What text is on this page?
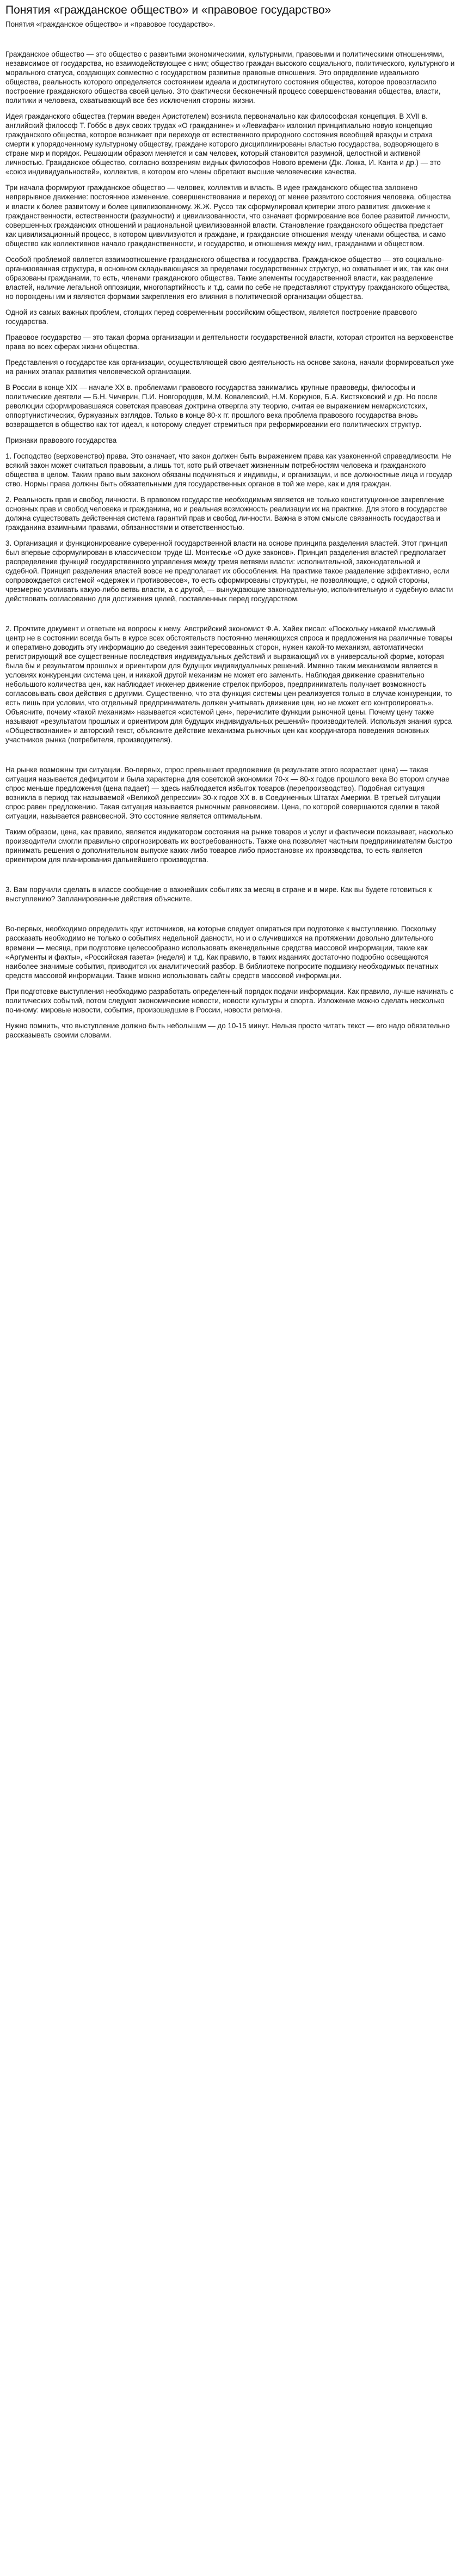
Понятия «гражданское общество» и «правовое государство»

Понятия «гражданское общество» и «правовое государство».

Гражданское общество — это общество с развитыми экономическими, культурными, правовыми и политическими отношениями, независимое от государства, но взаимодействующее с ним; общество граждан высокого социального, политического, культурного и морального статуса, создающих совместно с государством развитые правовые отношения. Это определение идеального общества, реальность которого определяется состоянием идеала и достигнутого состояния общества, которое провозгласило построение гражданского общества своей целью. Это фактически бесконечный процесс совершенствования общества, власти, политики и человека, охватывающий все без исключения стороны жизни.

Идея гражданского общества (термин введен Аристотелем) возникла первоначально как философская концепция. В XVII в. английский философ Т. Гоббс в двух своих трудах «О гражданине» и «Левиафан» изложил принципиально новую концепцию гражданского общества, которое возникает при переходе от естественного природного состояния всеобщей вражды и страха смерти к упорядоченному культурному обществу, граждане которого дисциплинированы властью государства, водворяющего в стране мир и порядок. Решающим образом меняется и сам человек, который становится разумной, целостной и активной личностью. Гражданское общество, согласно воззрениям видных философов Нового времени (Дж. Локка, И. Канта и др.) — это «союз индивидуальностей», коллектив, в котором его члены обретают высшие человеческие качества.

Три начала формируют гражданское общество — человек, коллектив и власть. В идее гражданского общества заложено непрерывное движение: постоянное изменение, совершенствование и переход от менее развитого состояния человека, общества и власти к более развитому и более цивилизованному. Ж.Ж. Руссо так сформулировал критерии этого развития: движение к гражданственности, естественности (разумности) и цивилизованности, что означает формирование все более развитой личности, совершенных гражданских отношений и рациональной цивилизованной власти. Становление гражданского общества предстает как цивилизационный процесс, в котором цивилизуются и граждане, и гражданские отношения между членами общества, и само общество как коллективное начало гражданственности, и государство, и отношения между ним, гражданами и обществом.

Особой проблемой является взаимоотношение гражданского общества и государства. Гражданское общество — это социально-организованная структура, в основном складывающаяся за пределами государственных структур, но охватывает и их, так как они образованы гражданами, то есть, членами гражданского общества. Такие элементы государственной власти, как разделение властей, наличие легальной оппозиции, многопартийность и т.д. сами по себе не представляют структуру гражданского общества, но порождены им и являются формами закрепления его влияния в политической организации общества.

Одной из самых важных проблем, стоящих перед современным российским обществом, является построение правового государства.

Правовое государство — это такая форма организации и деятельности государственной власти, которая строится на верховенстве права во всех сферах жизни общества.

Представления о государстве как организации, осуществляющей свою деятельность на основе закона, начали формироваться уже на ранних этапах развития человеческой организации.

В России в конце XIX — начале XX в. проблемами правового государства занимались крупные правоведы, философы и политические деятели — Б.Н. Чичерин, П.И. Новгородцев, М.М. Ковалевский, Н.М. Коркунов, Б.А. Кистяковский и др. Но после революции сформировавшаяся советская правовая доктрина отвергла эту теорию, считая ее выражением немарксистских, оппортунистических, буржуазных взглядов. Только в конце 80-х гг. прошлого века проблема правового государства вновь возвращается в общество как тот идеал, к которому следует стремиться при реформировании его политических структур.

Признаки правового государства

1. Господство (верховенство) права. Это означает, что закон должен быть выражением права как узаконенной справедливости. Не всякий закон может считаться правовым, а лишь тот, кото рый отвечает жизненным потребностям человека и гражданского общества в целом. Таким право вым законом обязаны подчиняться и индивиды, и организации, и все должностные лица и государ ство. Нормы права должны быть обязательными для государственных органов в той же мере, как и для граждан.

2. Реальность прав и свобод личности. В правовом государстве необходимым является не только конституционное закрепление основных прав и свобод человека и гражданина, но и реальная возможность реализации их на практике. Для этого в государстве должна существовать действенная система гарантий прав и свобод личности. Важна в этом смысле связанность государства и гражданина взаимными правами, обязанностями и ответственностью.

3. Организация и функционирование суверенной государственной власти на основе принципа разделения властей. Этот принцип был впервые сформулирован в классическом труде Ш. Монтескье «О духе законов». Принцип разделения властей предполагает распределение функций государственного управления между тремя ветвями власти: исполнительной, законодательной и судебной. Принцип разделения властей вовсе не предполагает их обособления. На практике такое разделение эффективно, если сопровождается системой «сдержек и противовесов», то есть сформированы структуры, не позволяющие, с одной стороны, чрезмерно усиливать какую-либо ветвь власти, а с другой, — вынуждающие законодательную, исполнительную и судебную власти действовать согласованно для достижения целей, поставленных перед государством.

2. Прочтите документ и ответьте на вопросы к нему. Австрийский экономист Ф.А. Хайек писал: «Поскольку никакой мыслимый центр не в состоянии всегда быть в курсе всех обстоятельств постоянно меняющихся спроса и предложения на различные товары и оперативно доводить эту информацию до сведения заинтересованных сторон, нужен какой-то механизм, автоматически регистрирующий все существенные последствия индивидуальных действий и выражающий их в универсальной форме, которая была бы и результатом прошлых и ориентиром для будущих индивидуальных решений. Именно таким механизмом является в условиях конкуренции система цен, и никакой другой механизм не может его заменить. Наблюдая движение сравнительно небольшого количества цен, как наблюдает инженер движение стрелок приборов, предприниматель получает возможность согласовывать свои действия с другими. Существенно, что эта функция системы цен реализуется только в случае конкуренции, то есть лишь при условии, что отдельный предприниматель должен учитывать движение цен, но не может его контролировать». Объясните, почему «такой механизм» называется «системой цен», перечислите функции рыночной цены. Почему цену также называют «результатом прошлых и ориентиром для будущих индивидуальных решений» производителей. Используя знания курса «Обществознание» и авторский текст, объясните действие механизма рыночных цен как координатора поведения основных участников рынка (потребителя, производителя).

На рынке возможны три ситуации. Во-первых, спрос превышает предложение (в результате этого возрастает цена) — такая ситуация называется дефицитом и была характерна для советской экономики 70-х — 80-х годов прошлого века Во втором случае спрос меньше предложения (цена падает) — здесь наблюдается избыток товаров (перепроизводство). Подобная ситуация возникла в период так называемой «Великой депрессии» 30-х годов XX в. в Соединенных Штатах Америки. В третьей ситуации спрос равен предложению. Такая ситуация называется рыночным равновесием. Цена, по которой совершаются сделки в такой ситуации, называется равновесной. Это состояние является оптимальным.

Таким образом, цена, как правило, является индикатором состояния на рынке товаров и услуг и фактически показывает, насколько производители смогли правильно спрогнозировать их востребованность. Также она позволяет частным предпринимателям быстро принимать решения о дополнительном выпуске каких-либо товаров либо приостановке их производства, то есть является ориентиром для планирования дальнейшего производства.

3. Вам поручили сделать в классе сообщение о важнейших событиях за месяц в стране и в мире. Как вы будете готовиться к выступлению? Запланированные действия объясните.

Во-первых, необходимо определить круг источников, на которые следует опираться при подготовке к выступлению. Поскольку рассказать необходимо не только о событиях недельной давности, но и о случившихся на протяжении довольно длительного времени — месяца, при подготовке целесообразно использовать еженедельные средства массовой информации, такие как «Аргументы и факты», «Российская газета» (неделя) и т.д. Как правило, в таких изданиях достаточно подробно освещаются наиболее значимые события, приводится их аналитический разбор. В библиотеке попросите подшивку необходимых печатных средств массовой информации. Также можно использовать сайты средств массовой информации.

При подготовке выступления необходимо разработать определенный порядок подачи информации. Как правило, лучше начинать с политических событий, потом следуют экономические новости, новости культуры и спорта. Изложение можно сделать несколько по-иному: мировые новости, события, произошедшие в России, новости региона.

Нужно помнить, что выступление должно быть небольшим — до 10-15 минут. Нельзя просто читать текст — его надо обязательно рассказывать своими словами.
